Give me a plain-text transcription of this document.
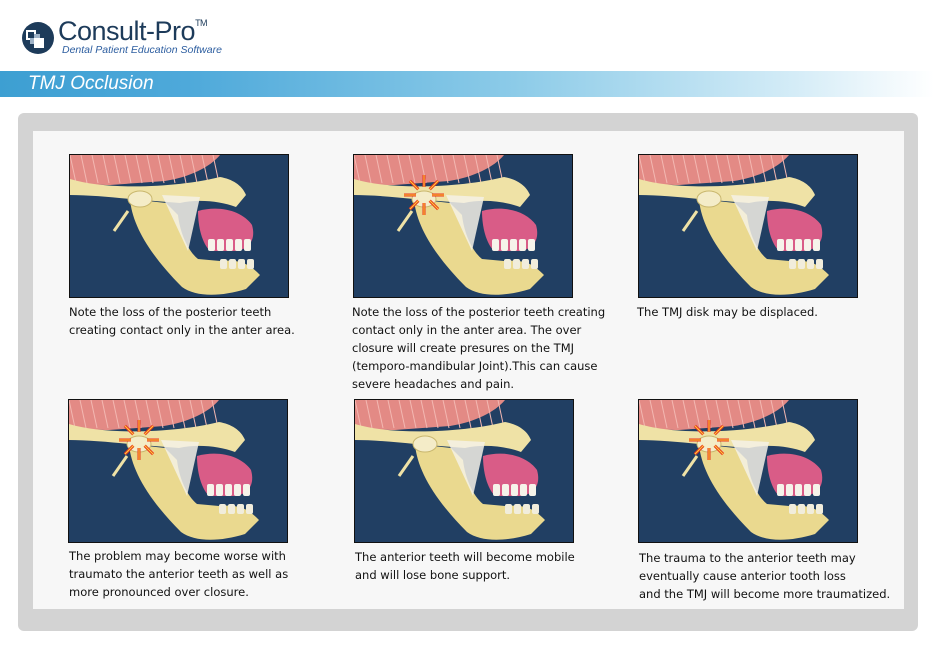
Consult-Pro™
Dental Patient Education Software
TMJ Occlusion
Note the loss of the posterior teeth
creating contact only in the anter area.
Note the loss of the posterior teeth creating
contact only in the anter area. The over
closure will create presures on the TMJ
(temporo-mandibular Joint).This can cause
severe headaches and pain.
The TMJ disk may be displaced.
The problem may become worse with
traumato the anterior teeth as well as
more pronounced over closure.
The anterior teeth will become mobile
and will lose bone support.
The trauma to the anterior teeth may
eventually cause anterior tooth loss
and the TMJ will become more traumatized.
